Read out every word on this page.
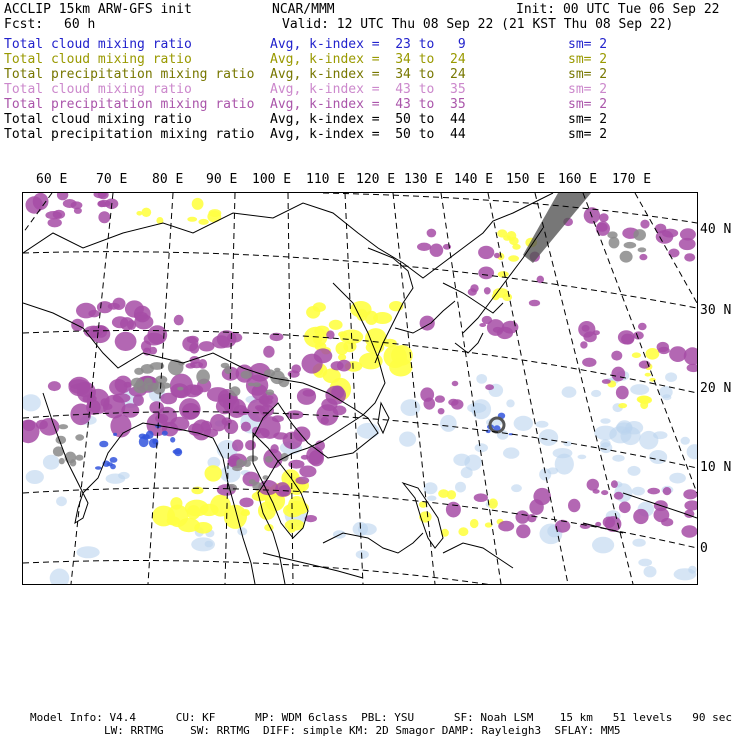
ACCLIP 15km ARW-GFS init	NCAR/MMM	Init: 00 UTC Tue 06 Sep 22
Fcst: 60 h	Valid: 12 UTC Thu 08 Sep 22 (21 KST Thu 08 Sep 22)
Total cloud mixing ratio	Avg, k-index =  23 to   9	sm= 2
Total cloud mixing ratio	Avg, k-index =  34 to  24	sm= 2
Total precipitation mixing ratio Avg, k-index =  34 to  24	sm= 2
Total cloud mixing ratio	Avg, k-index =  43 to  35	sm= 2
Total precipitation mixing ratio Avg, k-index =  43 to  35	sm= 2
Total cloud mixing ratio	Avg, k-index =  50 to  44	sm= 2
Total precipitation mixing ratio Avg, k-index =  50 to  44	sm= 2
60 E 70 E 80 E 90 E 100 E 110 E 120 E 130 E 140 E 150 E 160 E 170 E
40 N
30 N
20 N
10 N
0
Model Info: V4.4      CU: KF      MP: WDM 6class  PBL: YSU      SF: Noah LSM    15 km   51 levels   90 sec
LW: RRTMG    SW: RRTMG  DIFF: simple KM: 2D Smagor DAMP: Rayleigh3  SFLAY: MM5
